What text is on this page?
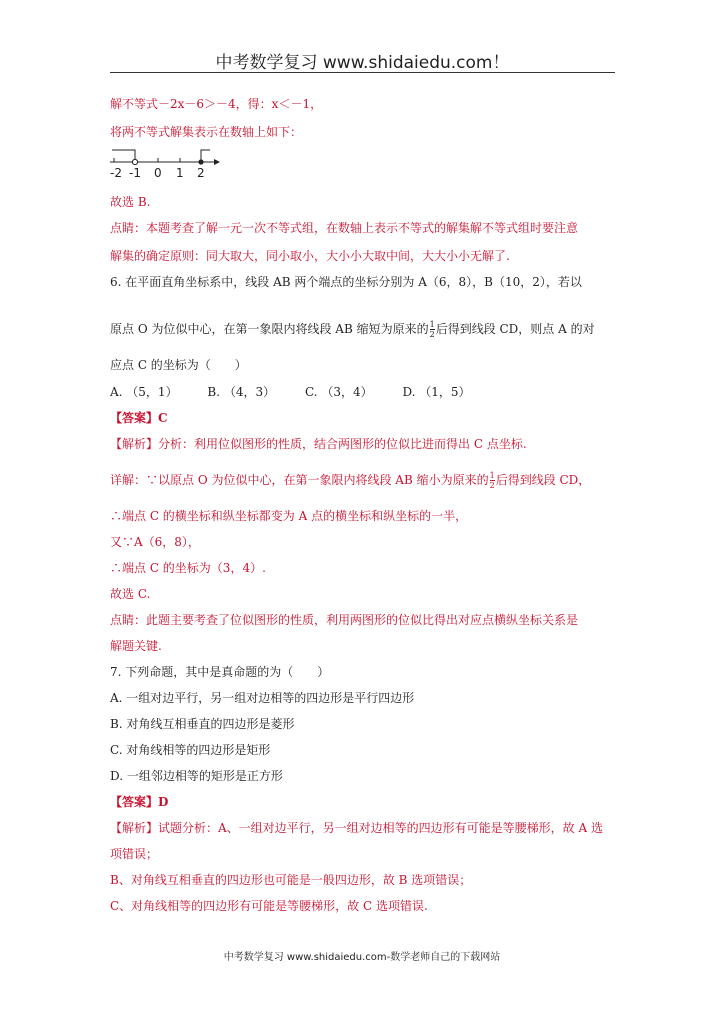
中考数学复习 www.shidaiedu.com！
解不等式－2x－6＞－4，得：x＜－1，
将两不等式解集表示在数轴上如下：
-2 -1 0 1 2
故选 B.
点睛：本题考查了解一元一次不等式组，在数轴上表示不等式的解集解不等式组时要注意
解集的确定原则：同大取大，同小取小，大小小大取中间，大大小小无解了.
6. 在平面直角坐标系中，线段 AB 两个端点的坐标分别为 A（6，8），B（10，2），若以
原点 O 为位似中心，在第一象限内将线段 AB 缩短为原来的 $\frac{1}{2}$ 后得到线段 CD，则点 A 的对
应点 C 的坐标为（　　）
A. （5，1） B. （4，3） C. （3，4） D. （1，5）
【答案】C
【解析】分析：利用位似图形的性质，结合两图形的位似比进而得出 C 点坐标.
详解：∵以原点 O 为位似中心，在第一象限内将线段 AB 缩小为原来的 $\frac{1}{2}$ 后得到线段 CD，
∴端点 C 的横坐标和纵坐标都变为 A 点的横坐标和纵坐标的一半，
又∵A（6，8），
∴端点 C 的坐标为（3，4）.
故选 C.
点睛：此题主要考查了位似图形的性质，利用两图形的位似比得出对应点横纵坐标关系是
解题关键.
7. 下列命题，其中是真命题的为（　　）
A. 一组对边平行，另一组对边相等的四边形是平行四边形
B. 对角线互相垂直的四边形是菱形
C. 对角线相等的四边形是矩形
D. 一组邻边相等的矩形是正方形
【答案】D
【解析】试题分析：A、一组对边平行，另一组对边相等的四边形有可能是等腰梯形，故 A 选
项错误；
B、对角线互相垂直的四边形也可能是一般四边形，故 B 选项错误；
C、对角线相等的四边形有可能是等腰梯形，故 C 选项错误.
中考数学复习 www.shidaiedu.com-数学老师自己的下载网站
